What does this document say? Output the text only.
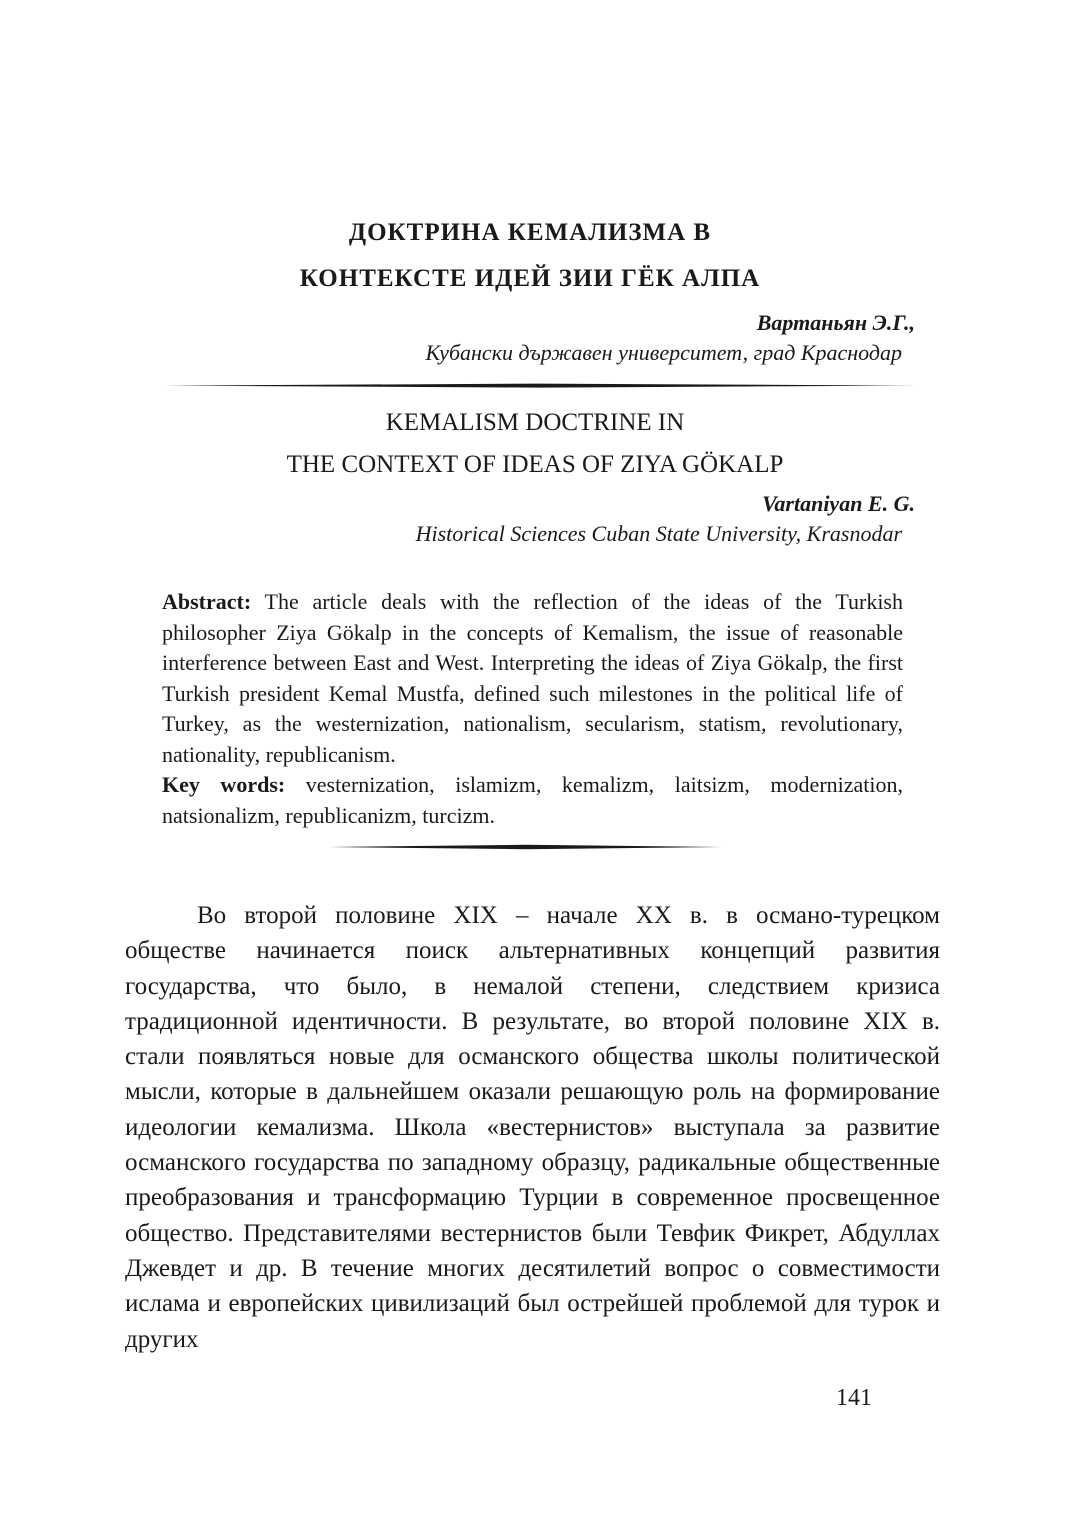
ДОКТРИНА КЕМАЛИЗМА В
КОНТЕКСТЕ ИДЕЙ ЗИИ ГЁК АЛПА
Вартаньян Э.Г.,
Кубански държавен университет, град Краснодар
KEMALISM DOCTRINE IN
THE CONTEXT OF IDEAS OF ZIYA GÖKALP
Vartaniyan E. G.
Historical Sciences Cuban State University, Krasnodar

Abstract: The article deals with the reflection of the ideas of the Turkish philosopher Ziya Gökalp in the concepts of Kemalism, the issue of reasonable interference between East and West. Interpreting the ideas of Ziya Gökalp, the first Turkish president Kemal Mustfa, defined such milestones in the political life of Turkey, as the westernization, nationalism, secularism, statism, revolutionary, nationality, republicanism.

Key words: vesternization, islamizm, kemalizm, laitsizm, modernization, natsionalizm, republicanizm, turcizm.

Во второй половине XIX – начале XX в. в османо-турецком обществе начинается поиск альтернативных концепций развития государства, что было, в немалой степени, следствием кризиса традиционной идентичности. В результате, во второй половине XIX в. стали появляться новые для османского общества школы политической мысли, которые в дальнейшем оказали решающую роль на формирование идеологии кемализма. Школа «вестернистов» выступала за развитие османского государства по западному образцу, радикальные общественные преобразования и трансформацию Турции в современное просвещенное общество. Представителями вестернистов были Тевфик Фикрет, Абдуллах Джевдет и др. В течение многих десятилетий вопрос о совместимости ислама и европейских цивилизаций был острейшей проблемой для турок и других

141
